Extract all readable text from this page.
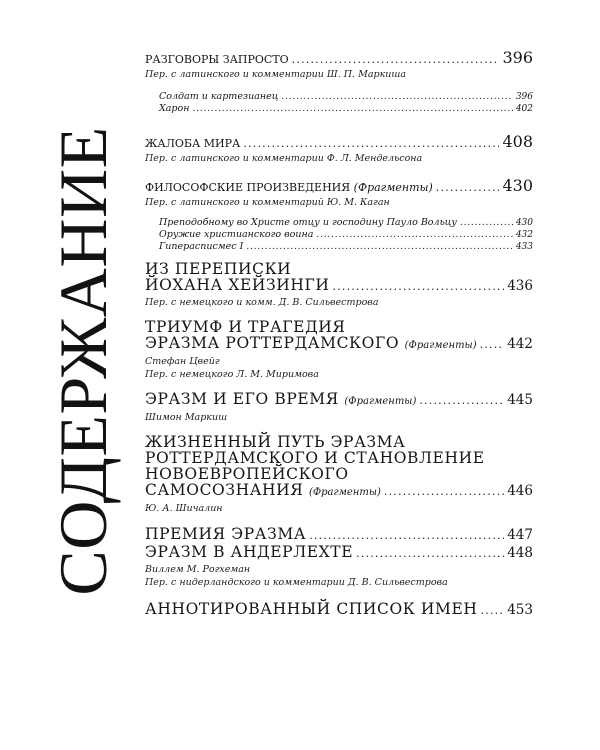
СОДЕРЖАНИЕ
РАЗГОВОРЫ ЗАПРОСТО .....	396
Пер. с латинского и комментарии Ш. П. Маркиша
Солдат и картезианец .....	396
Харон .....	402
ЖАЛОБА МИРА .....	408
Пер. с латинского и комментарии Ф. Л. Мендельсона
ФИЛОСОФСКИЕ ПРОИЗВЕДЕНИЯ (Фрагменты) .....	430
Пер. с латинского и комментарий Ю. М. Каган
Преподобному во Христе отцу и господину Пауло Вольцу .....	430
Оружие христианского воина .....	432
Гиперасписмес I .....	433
ИЗ ПЕРЕПИСКИ
ЙОХАНА ХЕЙЗИНГИ .....	436
Пер. с немецкого и комм. Д. В. Сильвестрова
ТРИУМФ И ТРАГЕДИЯ
ЭРАЗМА РОТТЕРДАМСКОГО (Фрагменты) ..... 442
Стефан Цвейг
Пер. с немецкого Л. М. Миримова
ЭРАЗМ И ЕГО ВРЕМЯ (Фрагменты) .....	445
Шимон Маркиш
ЖИЗНЕННЫЙ ПУТЬ ЭРАЗМА
РОТТЕРДАМСКОГО И СТАНОВЛЕНИЕ
НОВОЕВРОПЕЙСКОГО
САМОСОЗНАНИЯ (Фрагменты) .....	446
Ю. А. Шичалин
ПРЕМИЯ ЭРАЗМА .....	447
ЭРАЗМ В АНДЕРЛЕХТЕ .....	448
Виллем М. Рогхеман
Пер. с нидерландского и комментарии Д. В. Сильвестрова
АННОТИРОВАННЫЙ СПИСОК ИМЕН ..... 453
